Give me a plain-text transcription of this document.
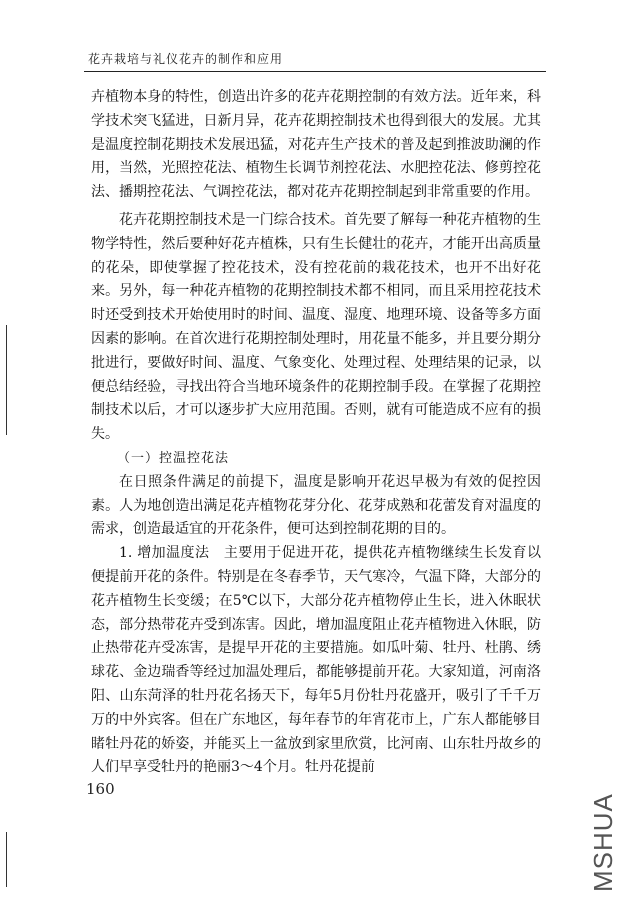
花卉栽培与礼仪花卉的制作和应用

卉植物本身的特性，创造出许多的花卉花期控制的有效方法。近年来，科学技术突飞猛进，日新月异，花卉花期控制技术也得到很大的发展。尤其是温度控制花期技术发展迅猛，对花卉生产技术的普及起到推波助澜的作用，当然，光照控花法、植物生长调节剂控花法、水肥控花法、修剪控花法、播期控花法、气调控花法，都对花卉花期控制起到非常重要的作用。

花卉花期控制技术是一门综合技术。首先要了解每一种花卉植物的生物学特性，然后要种好花卉植株，只有生长健壮的花卉，才能开出高质量的花朵，即使掌握了控花技术，没有控花前的栽花技术，也开不出好花来。另外，每一种花卉植物的花期控制技术都不相同，而且采用控花技术时还受到技术开始使用时的时间、温度、湿度、地理环境、设备等多方面因素的影响。在首次进行花期控制处理时，用花量不能多，并且要分期分批进行，要做好时间、温度、气象变化、处理过程、处理结果的记录，以便总结经验，寻找出符合当地环境条件的花期控制手段。在掌握了花期控制技术以后，才可以逐步扩大应用范围。否则，就有可能造成不应有的损失。

（一）控温控花法

在日照条件满足的前提下，温度是影响开花迟早极为有效的促控因素。人为地创造出满足花卉植物花芽分化、花芽成熟和花蕾发育对温度的需求，创造最适宜的开花条件，便可达到控制花期的目的。

1. 增加温度法　主要用于促进开花，提供花卉植物继续生长发育以便提前开花的条件。特别是在冬春季节，天气寒冷，气温下降，大部分的花卉植物生长变缓；在5℃以下，大部分花卉植物停止生长，进入休眠状态，部分热带花卉受到冻害。因此，增加温度阻止花卉植物进入休眠，防止热带花卉受冻害，是提早开花的主要措施。如瓜叶菊、牡丹、杜鹃、绣球花、金边瑞香等经过加温处理后，都能够提前开花。大家知道，河南洛阳、山东菏泽的牡丹花名扬天下，每年5月份牡丹花盛开，吸引了千千万万的中外宾客。但在广东地区，每年春节的年宵花市上，广东人都能够目睹牡丹花的娇姿，并能买上一盆放到家里欣赏，比河南、山东牡丹故乡的人们早享受牡丹的艳丽3～4个月。牡丹花提前

160
MSHUA
